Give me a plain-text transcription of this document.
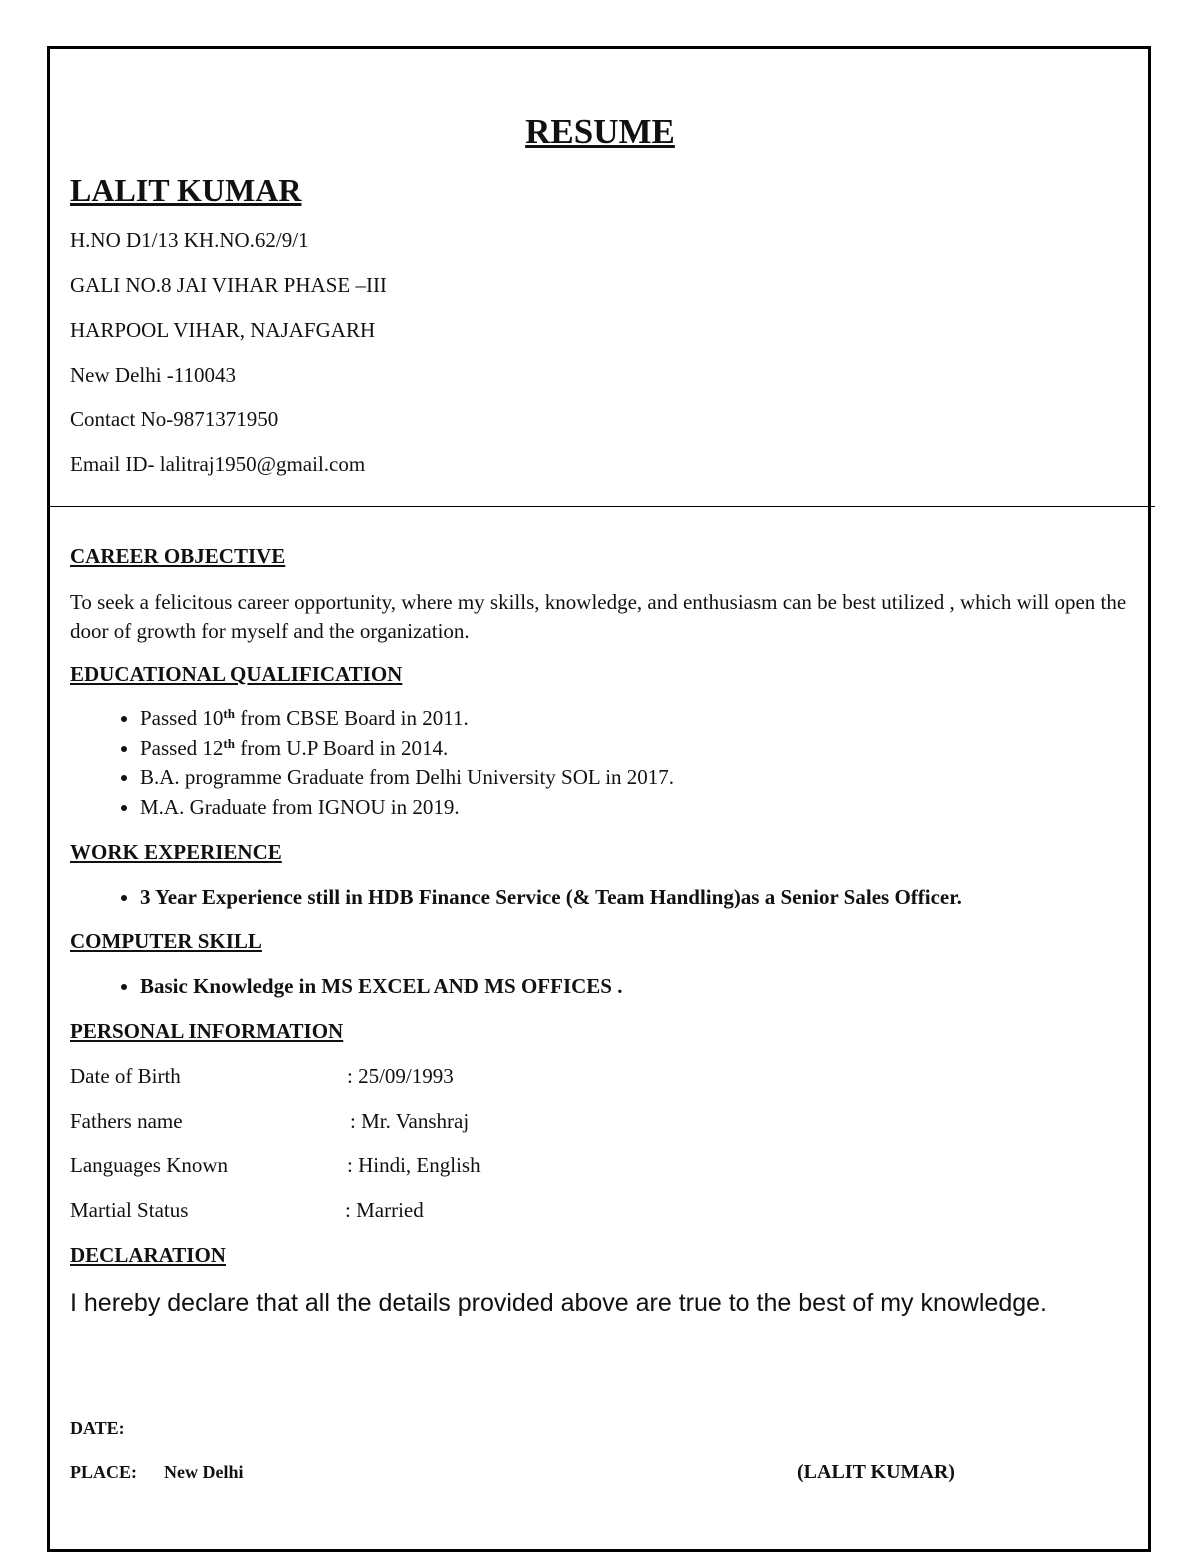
RESUME
LALIT KUMAR
H.NO D1/13 KH.NO.62/9/1
GALI NO.8 JAI VIHAR PHASE –III
HARPOOL VIHAR, NAJAFGARH
New Delhi -110043
Contact No-9871371950
Email ID- lalitraj1950@gmail.com
CAREER OBJECTIVE
To seek a felicitous career opportunity, where my skills, knowledge, and enthusiasm can be best utilized , which will open the door of growth for myself and the organization.
EDUCATIONAL QUALIFICATION
• Passed 10th from CBSE Board in 2011.
• Passed 12th from U.P Board in 2014.
• B.A. programme Graduate from Delhi University SOL in 2017.
• M.A. Graduate from IGNOU in 2019.
WORK EXPERIENCE
• 3 Year Experience still in HDB Finance Service (& Team Handling)as a Senior Sales Officer.
COMPUTER SKILL
• Basic Knowledge in MS EXCEL AND MS OFFICES .
PERSONAL INFORMATION
Date of Birth	: 25/09/1993
Fathers name	: Mr. Vanshraj
Languages Known	: Hindi, English
Martial Status	: Married
DECLARATION
I hereby declare that all the details provided above are true to the best of my knowledge.
DATE:
PLACE: New Delhi	(LALIT KUMAR)
